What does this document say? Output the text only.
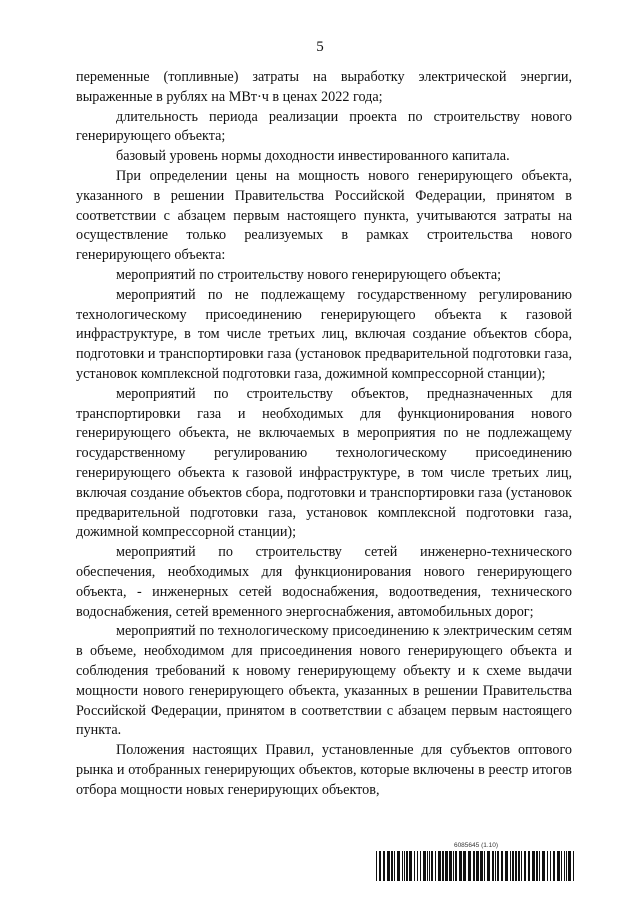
5

переменные (топливные) затраты на выработку электрической энергии, выраженные в рублях на МВт·ч в ценах 2022 года;

длительность периода реализации проекта по строительству нового генерирующего объекта;

базовый уровень нормы доходности инвестированного капитала.

При определении цены на мощность нового генерирующего объекта, указанного в решении Правительства Российской Федерации, принятом в соответствии с абзацем первым настоящего пункта, учитываются затраты на осуществление только реализуемых в рамках строительства нового генерирующего объекта:

мероприятий по строительству нового генерирующего объекта;

мероприятий по не подлежащему государственному регулированию технологическому присоединению генерирующего объекта к газовой инфраструктуре, в том числе третьих лиц, включая создание объектов сбора, подготовки и транспортировки газа (установок предварительной подготовки газа, установок комплексной подготовки газа, дожимной компрессорной станции);

мероприятий по строительству объектов, предназначенных для транспортировки газа и необходимых для функционирования нового генерирующего объекта, не включаемых в мероприятия по не подлежащему государственному регулированию технологическому присоединению генерирующего объекта к газовой инфраструктуре, в том числе третьих лиц, включая создание объектов сбора, подготовки и транспортировки газа (установок предварительной подготовки газа, установок комплексной подготовки газа, дожимной компрессорной станции);

мероприятий по строительству сетей инженерно-технического обеспечения, необходимых для функционирования нового генерирующего объекта, - инженерных сетей водоснабжения, водоотведения, технического водоснабжения, сетей временного энергоснабжения, автомобильных дорог;

мероприятий по технологическому присоединению к электрическим сетям в объеме, необходимом для присоединения нового генерирующего объекта и соблюдения требований к новому генерирующему объекту и к схеме выдачи мощности нового генерирующего объекта, указанных в решении Правительства Российской Федерации, принятом в соответствии с абзацем первым настоящего пункта.

Положения настоящих Правил, установленные для субъектов оптового рынка и отобранных генерирующих объектов, которые включены в реестр итогов отбора мощности новых генерирующих объектов,

6085645 (1.10)
